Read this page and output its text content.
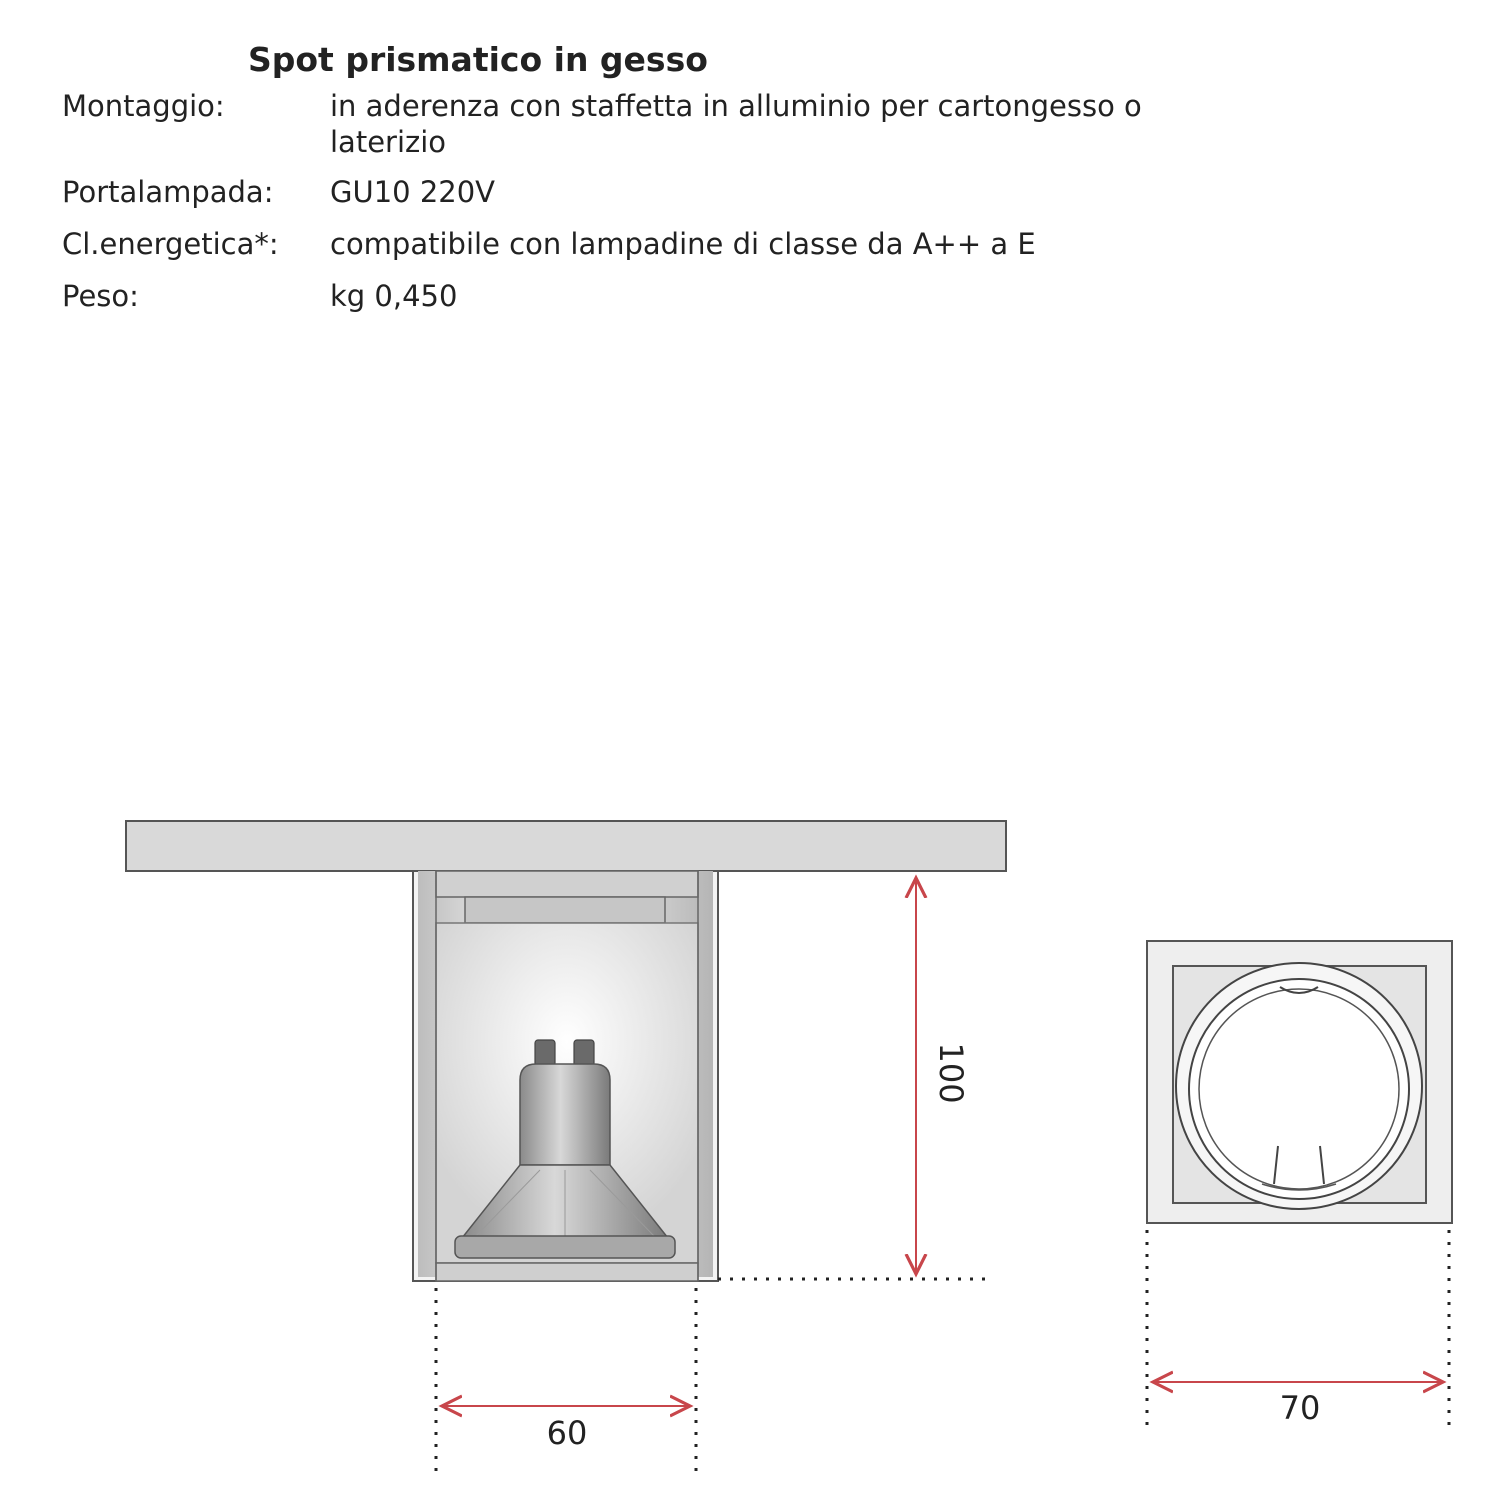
Spot prismatico in gesso
Montaggio:	in aderenza con staffetta in alluminio per cartongesso o laterizio
Portalampada: GU10 220V
Cl.energetica*: compatibile con lampadine di classe da A++ a E
Peso:	kg 0,450
100
60
70
